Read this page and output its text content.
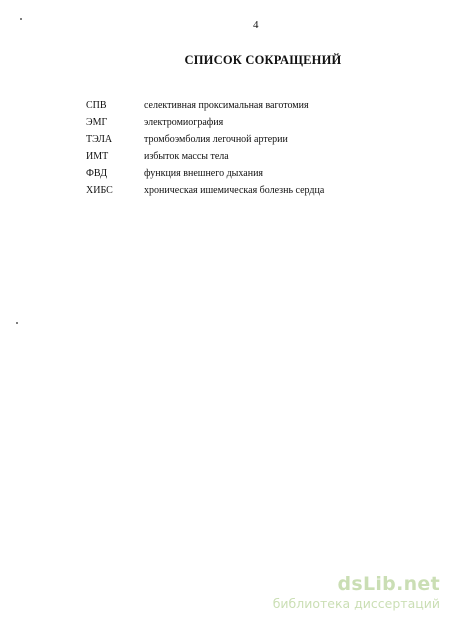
4
СПИСОК СОКРАЩЕНИЙ
СПВ	селективная проксимальная ваготомия
ЭМГ	электромиография
ТЭЛА	тромбоэмболия легочной артерии
ИМТ	избыток массы тела
ФВД	функция внешнего дыхания
ХИБС	хроническая ишемическая болезнь сердца
dsLib.net
библиотека диссертаций
